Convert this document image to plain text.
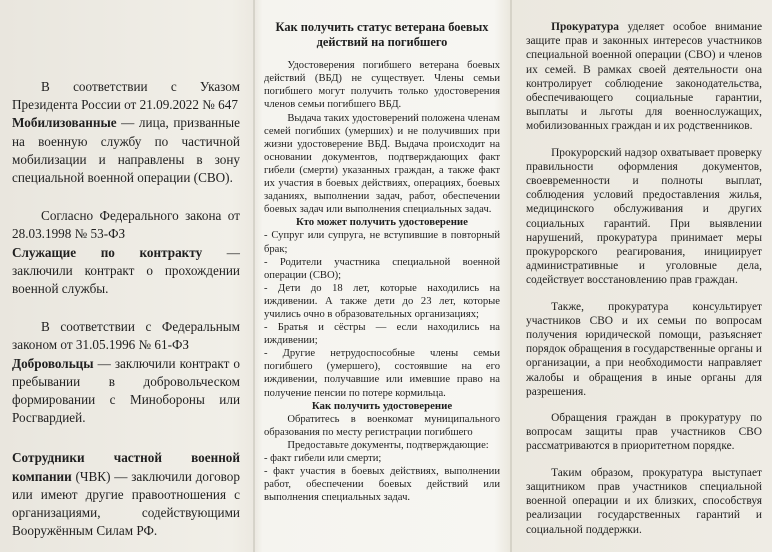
В соответствии с Указом Президента России от 21.09.2022 № 647
Мобилизованные — лица, призванные на военную службу по частичной мобилизации и направлены в зону специальной военной операции (СВО).

Согласно Федерального закона от 28.03.1998 № 53-ФЗ
Служащие по контракту — заключили контракт о прохождении военной службы.

В соответствии с Федеральным законом от 31.05.1996 № 61-ФЗ
Добровольцы — заключили контракт о пребывании в добровольческом формировании с Минобороны или Росгвардией.

Сотрудники частной военной компании (ЧВК) — заключили договор или имеют другие правоотношения с организациями, содействующими Вооружённым Силам РФ.

Как получить статус ветерана боевых действий на погибшего

Удостоверения погибшего ветерана боевых действий (ВБД) не существует. Члены семьи погибшего могут получить только удостоверения членов семьи погибшего ВБД.

Выдача таких удостоверений положена членам семей погибших (умерших) и не получивших при жизни удостоверение ВБД. Выдача происходит на основании документов, подтверждающих факт гибели (смерти) указанных граждан, а также факт их участия в боевых действиях, операциях, боевых заданиях, выполнении задач, работ, обеспечении боевых задач или выполнения специальных задач.

Кто может получить удостоверение

- Супруг или супруга, не вступившие в повторный брак;

- Родители участника специальной военной операции (СВО);

- Дети до 18 лет, которые находились на иждивении. А также дети до 23 лет, которые учились очно в образовательных организациях;

- Братья и сёстры — если находились на иждивении;

- Другие нетрудоспособные члены семьи погибшего (умершего), состоявшие на его иждивении, получавшие или имевшие право на получение пенсии по потере кормильца.

Как получить удостоверение

Обратитесь в военкомат муниципального образования по месту регистрации погибшего

Предоставьте документы, подтверждающие:

- факт гибели или смерти;

- факт участия в боевых действиях, выполнении работ, обеспечении боевых действий или выполнения специальных задач.

Прокуратура уделяет особое внимание защите прав и законных интересов участников специальной военной операции (СВО) и членов их семей. В рамках своей деятельности она контролирует соблюдение законодательства, обеспечивающего социальные гарантии, выплаты и льготы для военнослужащих, мобилизованных граждан и их родственников.

Прокурорский надзор охватывает проверку правильности оформления документов, своевременности и полноты выплат, соблюдения условий предоставления жилья, медицинского обслуживания и других социальных гарантий. При выявлении нарушений, прокуратура принимает меры прокурорского реагирования, инициирует административные и уголовные дела, содействует восстановлению прав граждан.

Также, прокуратура консультирует участников СВО и их семьи по вопросам получения юридической помощи, разъясняет порядок обращения в государственные органы и организации, а при необходимости направляет жалобы и обращения в иные органы для разрешения.

Обращения граждан в прокуратуру по вопросам защиты прав участников СВО рассматриваются в приоритетном порядке.

Таким образом, прокуратура выступает защитником прав участников специальной военной операции и их близких, способствуя реализации государственных гарантий и социальной поддержки.
